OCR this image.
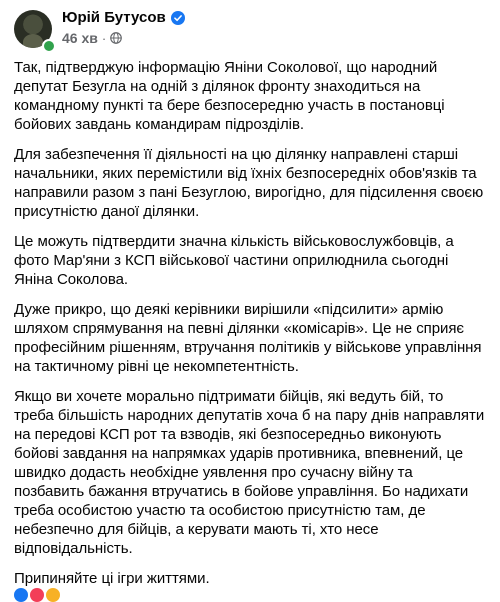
Юрій Бутусов
46 хв ·

Так, підтверджую інформацію Яніни Соколової, що народний депутат Безугла на одній з ділянок фронту знаходиться на командному пункті та бере безпосередню участь в постановці бойових завдань командирам підрозділів.

Для забезпечення її діяльності на цю ділянку направлені старші начальники, яких перемістили від їхніх безпосередніх обов'язків та направили разом з пані Безуглою, вирогідно, для підсилення своєю присутністю даної ділянки.

Це можуть підтвердити значна кількість військовослужбовців, а фото Мар'яни з КСП військової частини оприлюднила сьогодні Яніна Соколова.

Дуже прикро, що деякі керівники вирішили «підсилити» армію шляхом спрямування на певні ділянки «комісарів». Це не сприяє професійним рішенням, втручання політиків у військове управління на тактичному рівні це некомпетентність.

Якщо ви хочете морально підтримати бійців, які ведуть бій, то треба більшість народних депутатів хоча б на пару днів направляти на передові КСП рот та взводів, які безпосередньо виконують бойові завдання на напрямках ударів противника, впевнений, це швидко додасть необхідне уявлення про сучасну війну та позбавить бажання втручатись в бойове управління. Бо надихати треба особистою участю та особистою присутністю там, де небезпечно для бійців, а керувати мають ті, хто несе відповідальність.

Припиняйте ці ігри життями.
